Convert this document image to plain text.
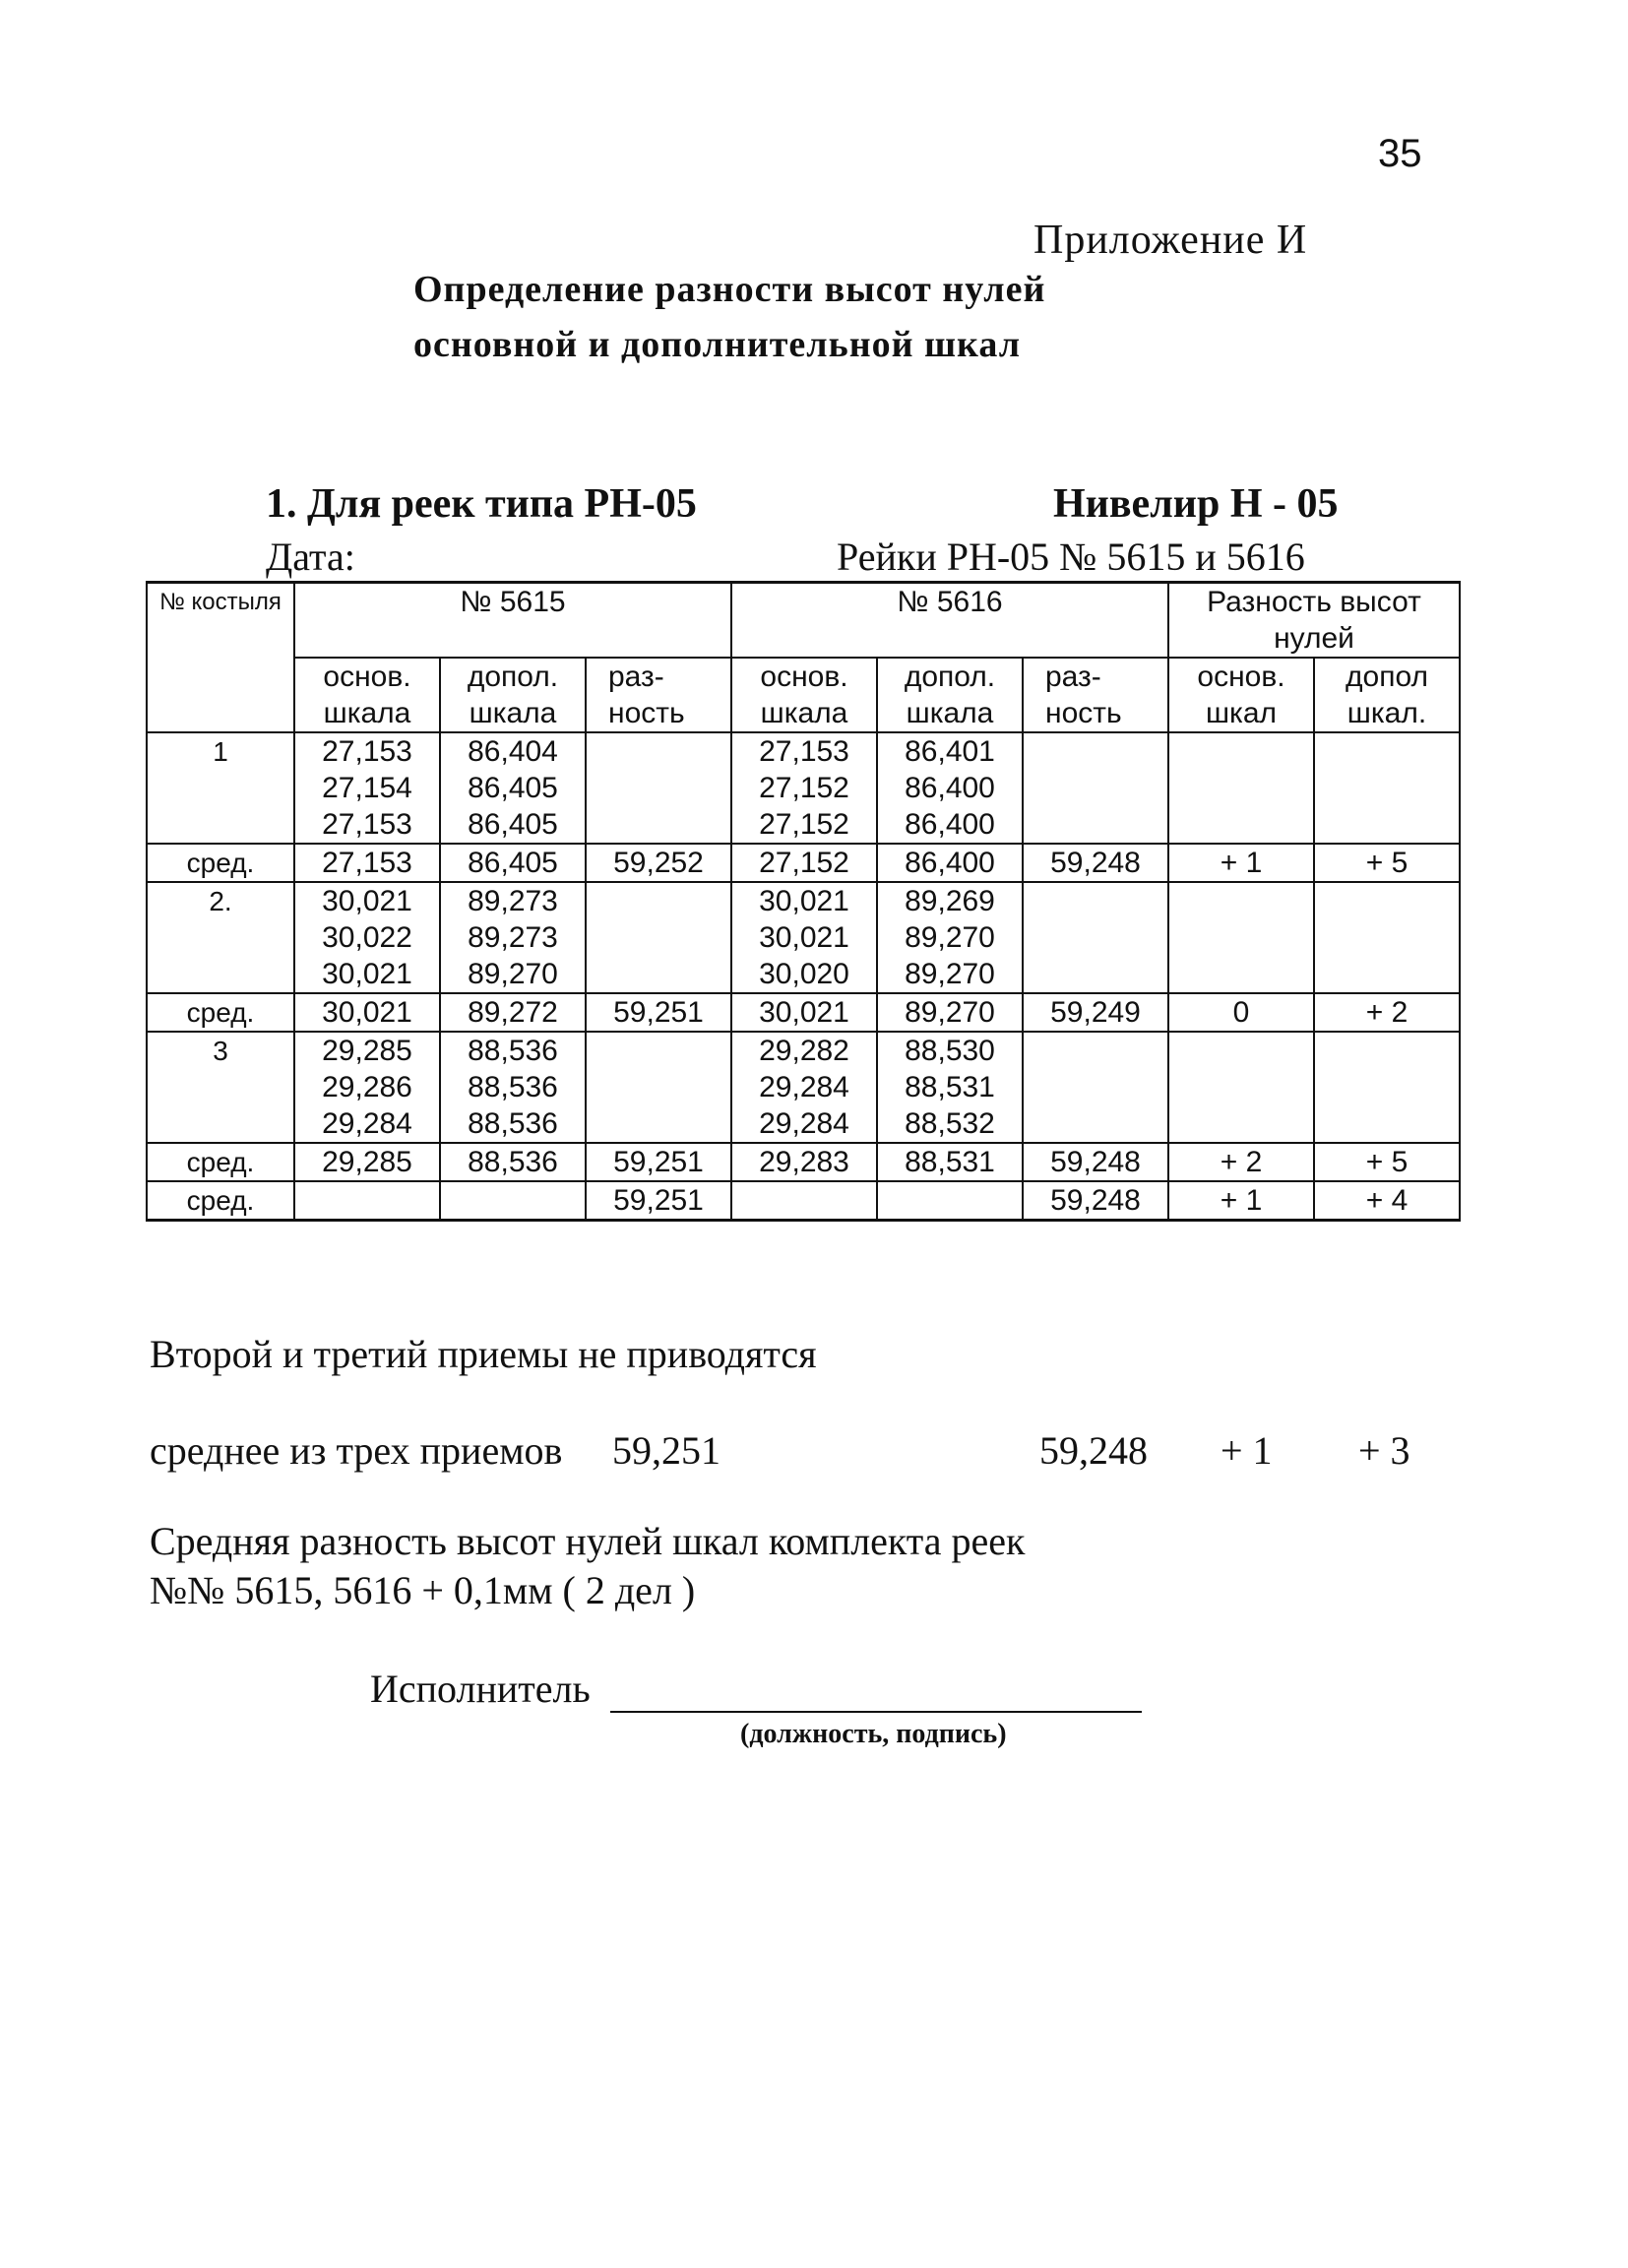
35
Приложение И
Определение разности высот нулей
основной и дополнительной шкал
1. Для реек типа РН-05	Нивелир Н - 05
Дата:	Рейки РН-05 № 5615 и 5616
№ костыля	№ 5615			№ 5616			Разность высот нулей	
	основ. шкала	допол. шкала	раз- ность	основ. шкала	допол. шкала	раз- ность	основ. шкал	допол шкал.
1	27,153	86,404		27,153	86,401			
	27,154	86,405		27,152	86,400			
	27,153	86,405		27,152	86,400			
сред.	27,153	86,405	59,252	27,152	86,400	59,248	+ 1	+ 5
2.	30,021	89,273		30,021	89,269			
	30,022	89,273		30,021	89,270			
	30,021	89,270		30,020	89,270			
сред.	30,021	89,272	59,251	30,021	89,270	59,249	0	+ 2
3	29,285	88,536		29,282	88,530			
	29,286	88,536		29,284	88,531			
	29,284	88,536		29,284	88,532			
сред.	29,285	88,536	59,251	29,283	88,531	59,248	+ 2	+ 5
сред.			59,251			59,248	+ 1	+ 4
Второй и третий приемы не приводятся
среднее из трех приемов 59,251	59,248 + 1 + 3
Средняя разность высот нулей шкал комплекта реек
№№ 5615, 5616 + 0,1мм ( 2 дел )
Исполнитель
(должность, подпись)
